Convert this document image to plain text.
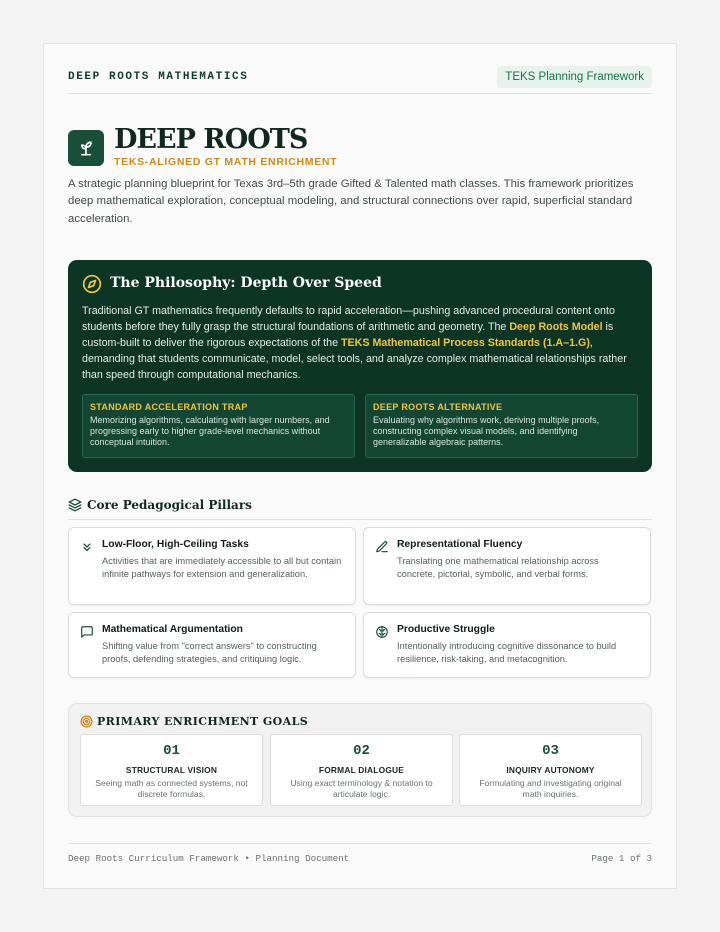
DEEP ROOTS MATHEMATICS	TEKS Planning Framework
DEEP ROOTS
TEKS-ALIGNED GT MATH ENRICHMENT

A strategic planning blueprint for Texas 3rd–5th grade Gifted & Talented math classes. This framework prioritizes deep mathematical exploration, conceptual modeling, and structural connections over rapid, superficial standard acceleration.

The Philosophy: Depth Over Speed

Traditional GT mathematics frequently defaults to rapid acceleration—pushing advanced procedural content onto students before they fully grasp the structural foundations of arithmetic and geometry. The Deep Roots Model is custom-built to deliver the rigorous expectations of the TEKS Mathematical Process Standards (1.A–1.G), demanding that students communicate, model, select tools, and analyze complex mathematical relationships rather than speed through computational mechanics.

STANDARD ACCELERATION TRAP
Memorizing algorithms, calculating with larger numbers, and progressing early to higher grade-level mechanics without conceptual intuition.
DEEP ROOTS ALTERNATIVE
Evaluating why algorithms work, deriving multiple proofs, constructing complex visual models, and identifying generalizable algebraic patterns.
Core Pedagogical Pillars
Low-Floor, High-Ceiling Tasks
Activities that are immediately accessible to all but contain infinite pathways for extension and generalization.
Representational Fluency
Translating one mathematical relationship across concrete, pictorial, symbolic, and verbal forms.
Mathematical Argumentation
Shifting value from "correct answers" to constructing proofs, defending strategies, and critiquing logic.
Productive Struggle
Intentionally introducing cognitive dissonance to build resilience, risk-taking, and metacognition.
PRIMARY ENRICHMENT GOALS
01
STRUCTURAL VISION
Seeing math as connected systems, not discrete formulas.
02
FORMAL DIALOGUE
Using exact terminology & notation to articulate logic.
03
INQUIRY AUTONOMY
Formulating and investigating original math inquiries.
Deep Roots Curriculum Framework • Planning Document	Page 1 of 3
